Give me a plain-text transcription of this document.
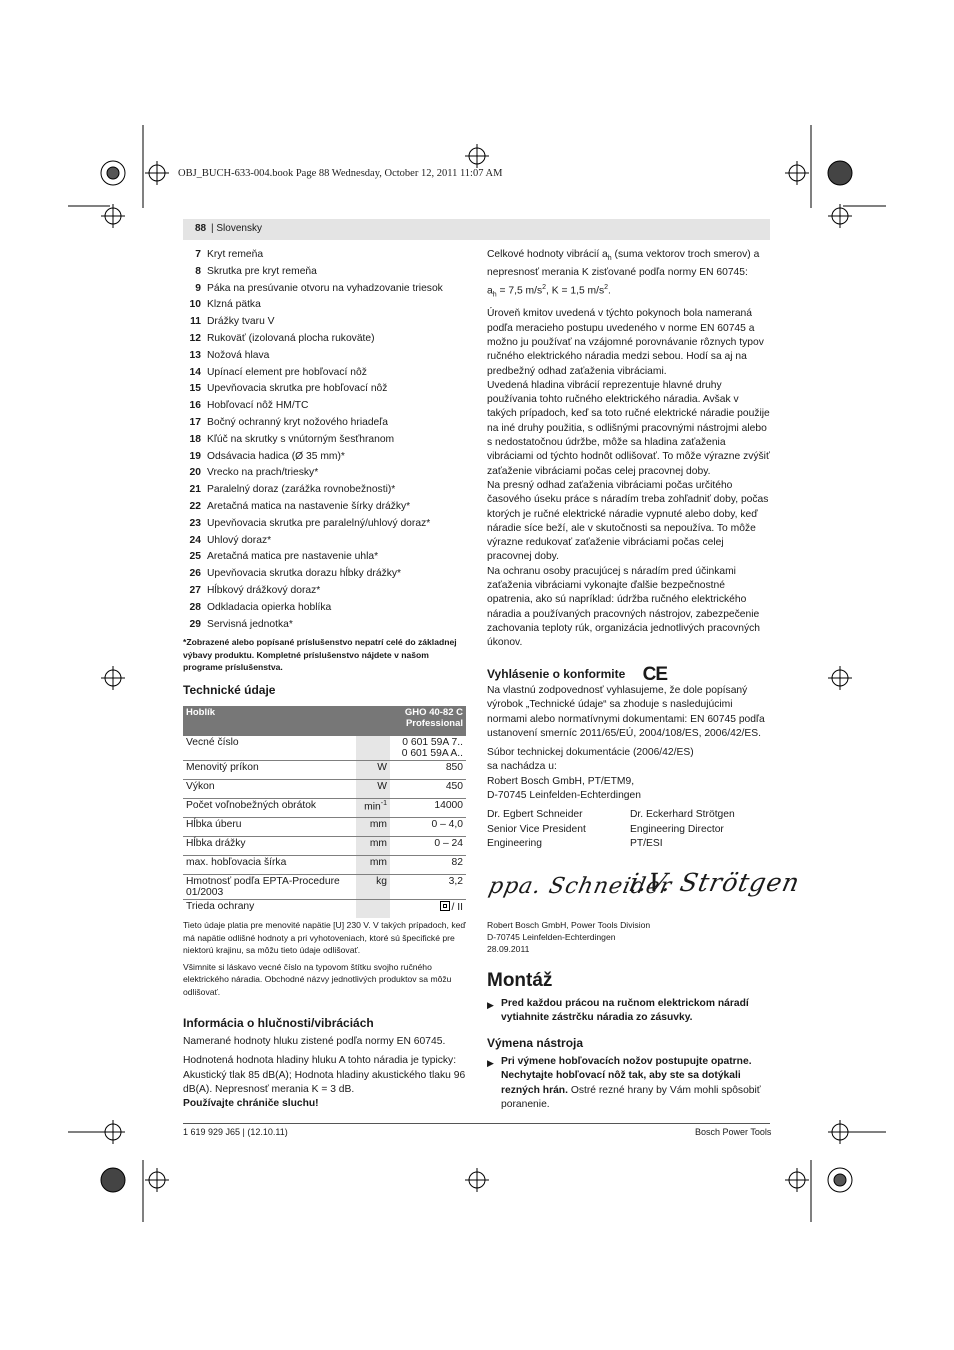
OBJ_BUCH-633-004.book Page 88 Wednesday, October 12, 2011 11:07 AM
88 | Slovensky
7 Kryt remeňa
8 Skrutka pre kryt remeňa
9 Páka na presúvanie otvoru na vyhadzovanie triesok
10 Klzná pätka
11 Drážky tvaru V
12 Rukoväť (izolovaná plocha rukoväte)
13 Nožová hlava
14 Upínací element pre hobľovací nôž
15 Upevňovacia skrutka pre hobľovací nôž
16 Hobľovací nôž HM/TC
17 Bočný ochranný kryt nožového hriadeľa
18 Kľúč na skrutky s vnútorným šesťhranom
19 Odsávacia hadica (Ø 35 mm)*
20 Vrecko na prach/triesky*
21 Paralelný doraz (zarážka rovnobežnosti)*
22 Aretačná matica na nastavenie šírky drážky*
23 Upevňovacia skrutka pre paralelný/uhlový doraz*
24 Uhlový doraz*
25 Aretačná matica pre nastavenie uhla*
26 Upevňovacia skrutka dorazu hĺbky drážky*
27 Hĺbkový drážkový doraz*
28 Odkladacia opierka hoblíka
29 Servisná jednotka*
*Zobrazené alebo popísané príslušenstvo nepatrí celé do základnej výbavy produktu. Kompletné príslušenstvo nájdete v našom programe príslušenstva.
Technické údaje
Hoblík	GHO 40-82 C
Professional	
Vecné číslo		0 601 59A 7..
0 601 59A A..
Menovitý príkon	W	850
Výkon	W	450
Počet voľnobežných obrátok	$\min^{-1}$	14000
Hĺbka úberu	mm	0 – 4,0
Hĺbka drážky	mm	0 – 24
max. hobľovacia šírka	mm	82
Hmotnosť podľa EPTA-Procedure 01/2003	kg	3,2
Trieda ochrany		/ II
Tieto údaje platia pre menovité napätie [U] 230 V. V takých prípadoch, keď má napätie odlišné hodnoty a pri vyhotoveniach, ktoré sú špecifické pre niektorú krajinu, sa môžu tieto údaje odlišovať.
Všimnite si láskavo vecné číslo na typovom štítku svojho ručného elektrického náradia. Obchodné názvy jednotlivých produktov sa môžu odlišovať.
Informácia o hlučnosti/vibráciách
Namerané hodnoty hluku zistené podľa normy EN 60745.
Hodnotená hodnota hladiny hluku A tohto náradia je typicky: Akustický tlak 85 dB(A); Hodnota hladiny akustického tlaku 96 dB(A). Nepresnosť merania K = 3 dB.
Používajte chrániče sluchu!
Celkové hodnoty vibrácií $a_h$ (suma vektorov troch smerov) a nepresnosť merania K zisťované podľa normy EN 60745:
$a_h = 7,5$ $m/s^2$, K = 1,5 $m/s^2$.
Úroveň kmitov uvedená v týchto pokynoch bola nameraná podľa meracieho postupu uvedeného v norme EN 60745 a možno ju používať na vzájomné porovnávanie rôznych typov ručného elektrického náradia medzi sebou. Hodí sa aj na predbežný odhad zaťaženia vibráciami.
Uvedená hladina vibrácií reprezentuje hlavné druhy používania tohto ručného elektrického náradia. Avšak v takých prípadoch, keď sa toto ručné elektrické náradie použije na iné druhy použitia, s odlišnými pracovnými nástrojmi alebo s nedostatočnou údržbe, môže sa hladina zaťaženia vibráciami od týchto hodnôt odlišovať. To môže výrazne zvýšiť zaťaženie vibráciami počas celej pracovnej doby.
Na presný odhad zaťaženia vibráciami počas určitého časového úseku práce s náradím treba zohľadniť doby, počas ktorých je ručné elektrické náradie vypnuté alebo doby, keď náradie síce beží, ale v skutočnosti sa nepoužíva. To môže výrazne redukovať zaťaženie vibráciami počas celej pracovnej doby.
Na ochranu osoby pracujúcej s náradím pred účinkami zaťaženia vibráciami vykonajte ďalšie bezpečnostné opatrenia, ako sú napríklad: údržba ručného elektrického náradia a používaných pracovných nástrojov, zabezpečenie zachovania teploty rúk, organizácia jednotlivých pracovných úkonov.
Vyhlásenie o konformite CE
Na vlastnú zodpovednosť vyhlasujeme, že dole popísaný výrobok „Technické údaje“ sa zhoduje s nasledujúcimi normami alebo normatívnymi dokumentami: EN 60745 podľa ustanovení smerníc 2011/65/EÚ, 2004/108/ES, 2006/42/ES.
Súbor technickej dokumentácie (2006/42/ES)
sa nachádza u:
Robert Bosch GmbH, PT/ETM9,
D-70745 Leinfelden-Echterdingen
Dr. Egbert Schneider
Senior Vice President
Engineering
Dr. Eckerhard Strötgen
Engineering Director
PT/ESI
ppa. Schneider
i.V. Strötgen
Robert Bosch GmbH, Power Tools Division
D-70745 Leinfelden-Echterdingen
28.09.2011
Montáž
▶ Pred každou prácou na ručnom elektrickom náradí vytiahnite zástrčku náradia zo zásuvky.
Výmena nástroja
▶ Pri výmene hobľovacích nožov postupujte opatrne. Nechytajte hobľovací nôž tak, aby ste sa dotýkali rezných hrán. Ostré rezné hrany by Vám mohli spôsobiť poranenie.
1 619 929 J65 | (12.10.11)	Bosch Power Tools
